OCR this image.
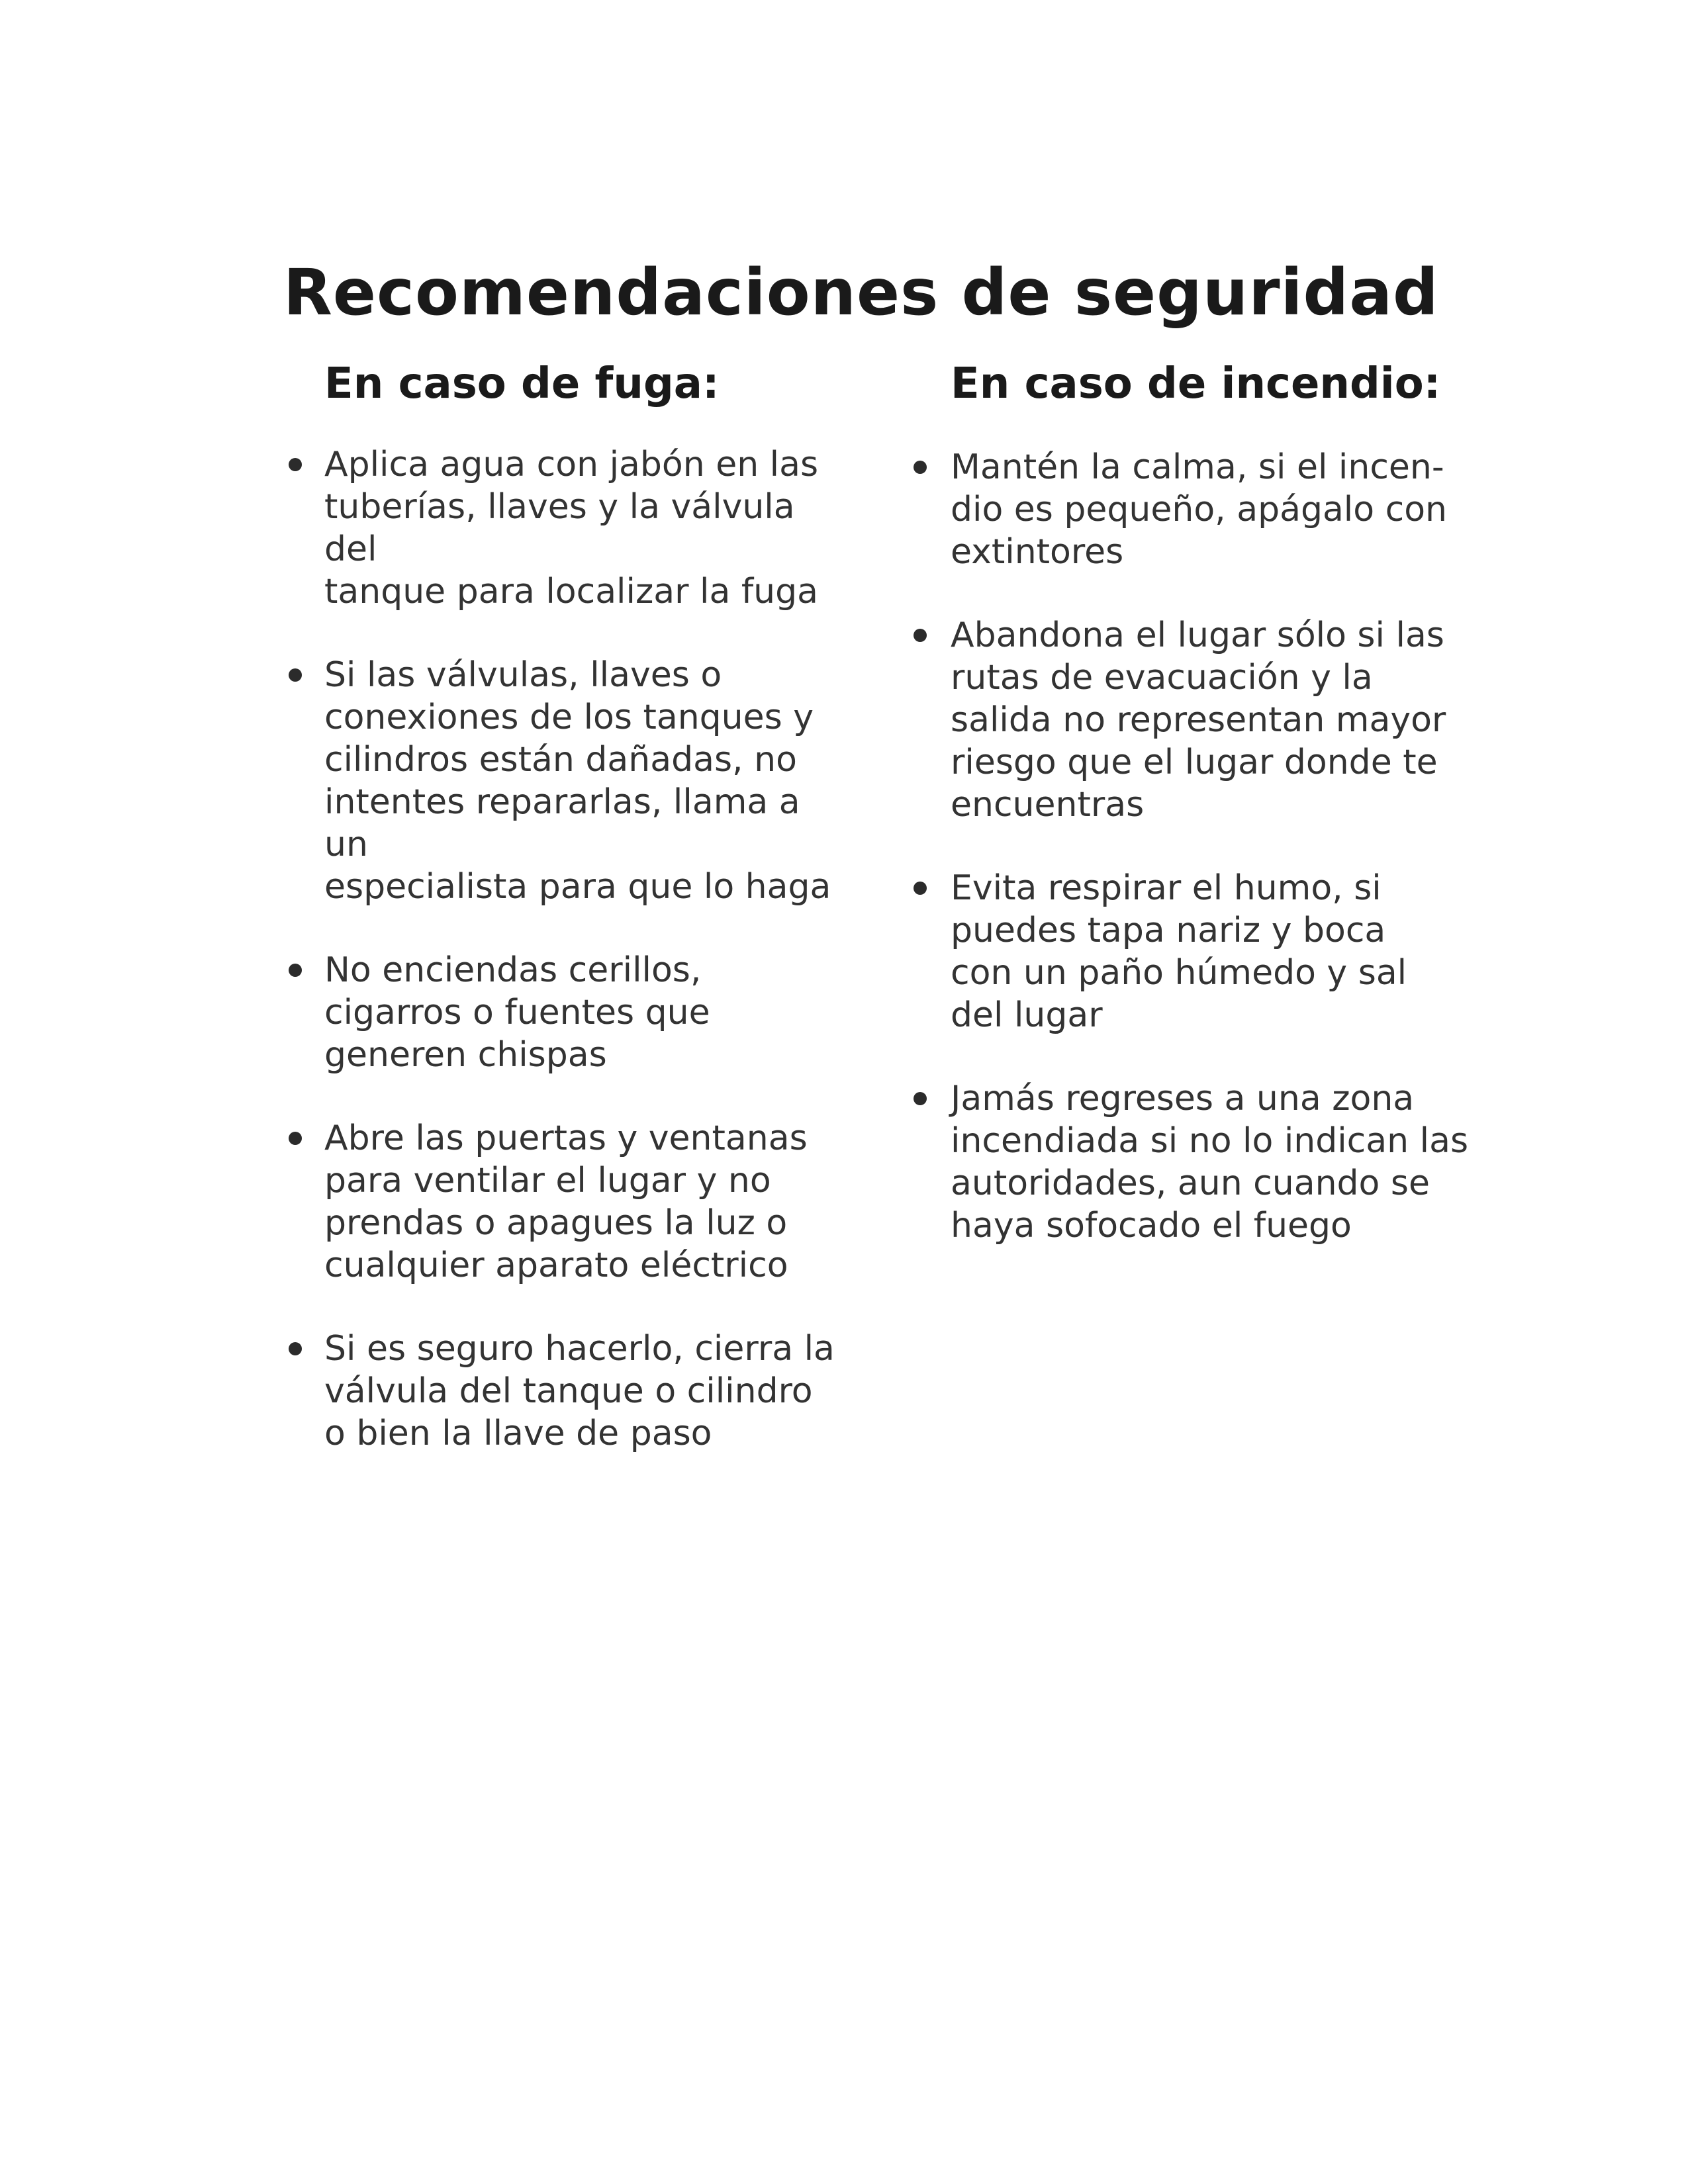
Recomendaciones de seguridad
En caso de fuga:
Aplica agua con jabón en las
tuberías, llaves y la válvula del
tanque para localizar la fuga
Si las válvulas, llaves o
conexiones de los tanques y
cilindros están dañadas, no
intentes repararlas, llama a un
especialista para que lo haga
No enciendas cerillos,
cigarros o fuentes que
generen chispas
Abre las puertas y ventanas
para ventilar el lugar y no
prendas o apagues la luz o
cualquier aparato eléctrico
Si es seguro hacerlo, cierra la
válvula del tanque o cilindro
o bien la llave de paso
En caso de incendio:
Mantén la calma, si el incen-
dio es pequeño, apágalo con
extintores
Abandona el lugar sólo si las
rutas de evacuación y la
salida no representan mayor
riesgo que el lugar donde te
encuentras
Evita respirar el humo, si
puedes tapa nariz y boca
con un paño húmedo y sal
del lugar
Jamás regreses a una zona
incendiada si no lo indican las
autoridades, aun cuando se
haya sofocado el fuego
